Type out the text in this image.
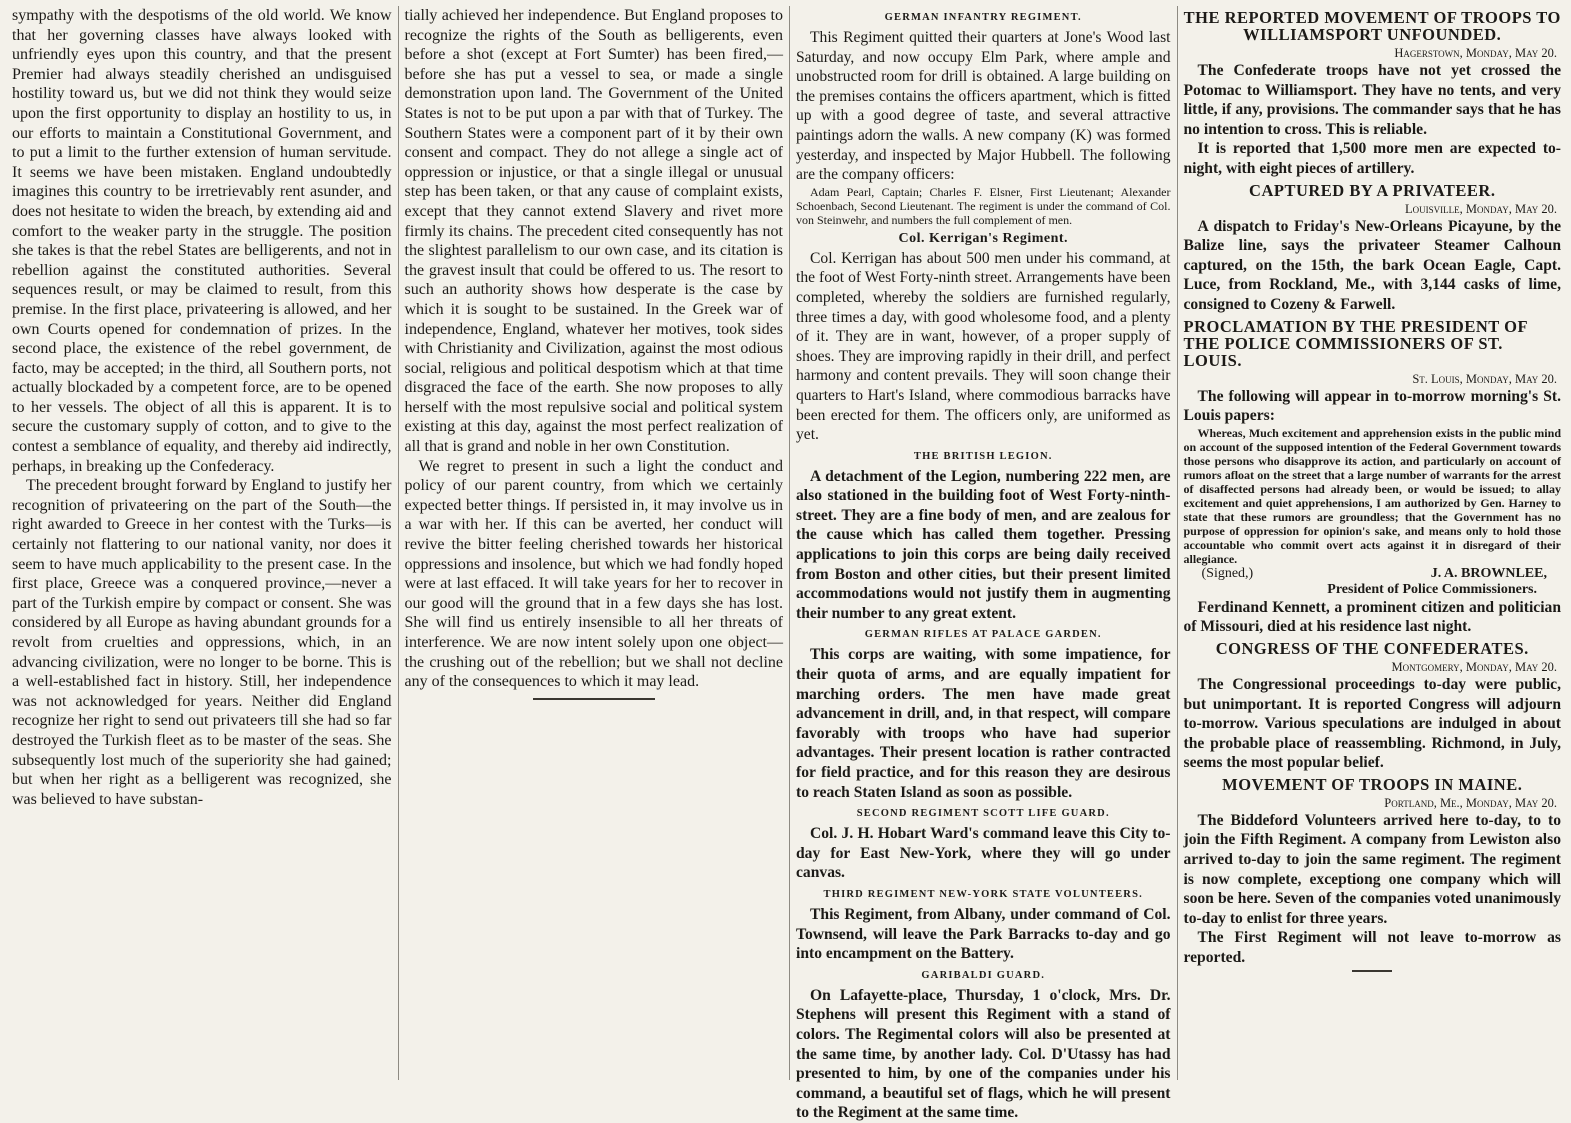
sympathy with the despotisms of the old world. We know that her governing classes have always looked with unfriendly eyes upon this country, and that the present Premier had always steadily cherished an undisguised hostility toward us, but we did not think they would seize upon the first opportunity to display an hostility to us, in our efforts to maintain a Constitutional Government, and to put a limit to the further extension of human servitude. It seems we have been mistaken. England undoubtedly imagines this country to be irretrievably rent asunder, and does not hesitate to widen the breach, by extending aid and comfort to the weaker party in the struggle. The position she takes is that the rebel States are belligerents, and not in rebellion against the constituted authorities. Several sequences result, or may be claimed to result, from this premise. In the first place, privateering is allowed, and her own Courts opened for condemnation of prizes. In the second place, the existence of the rebel government, de facto, may be accepted; in the third, all Southern ports, not actually blockaded by a competent force, are to be opened to her vessels. The object of all this is apparent. It is to secure the customary supply of cotton, and to give to the contest a semblance of equality, and thereby aid indirectly, perhaps, in breaking up the Confederacy.

The precedent brought forward by England to justify her recognition of privateering on the part of the South—the right awarded to Greece in her contest with the Turks—is certainly not flattering to our national vanity, nor does it seem to have much applicability to the present case. In the first place, Greece was a conquered province,—never a part of the Turkish empire by compact or consent. She was considered by all Europe as having abundant grounds for a revolt from cruelties and oppressions, which, in an advancing civilization, were no longer to be borne. This is a well-established fact in history. Still, her independence was not acknowledged for years. Neither did England recognize her right to send out privateers till she had so far destroyed the Turkish fleet as to be master of the seas. She subsequently lost much of the superiority she had gained; but when her right as a belligerent was recognized, she was believed to have substan-

tially achieved her independence. But England proposes to recognize the rights of the South as belligerents, even before a shot (except at Fort Sumter) has been fired,—before she has put a vessel to sea, or made a single demonstration upon land. The Government of the United States is not to be put upon a par with that of Turkey. The Southern States were a component part of it by their own consent and compact. They do not allege a single act of oppression or injustice, or that a single illegal or unusual step has been taken, or that any cause of complaint exists, except that they cannot extend Slavery and rivet more firmly its chains. The precedent cited consequently has not the slightest parallelism to our own case, and its citation is the gravest insult that could be offered to us. The resort to such an authority shows how desperate is the case by which it is sought to be sustained. In the Greek war of independence, England, whatever her motives, took sides with Christianity and Civilization, against the most odious social, religious and political despotism which at that time disgraced the face of the earth. She now proposes to ally herself with the most repulsive social and political system existing at this day, against the most perfect realization of all that is grand and noble in her own Constitution.

We regret to present in such a light the conduct and policy of our parent country, from which we certainly expected better things. If persisted in, it may involve us in a war with her. If this can be averted, her conduct will revive the bitter feeling cherished towards her historical oppressions and insolence, but which we had fondly hoped were at last effaced. It will take years for her to recover in our good will the ground that in a few days she has lost. She will find us entirely insensible to all her threats of interference. We are now intent solely upon one object—the crushing out of the rebellion; but we shall not decline any of the consequences to which it may lead.

GERMAN INFANTRY REGIMENT.

This Regiment quitted their quarters at Jone's Wood last Saturday, and now occupy Elm Park, where ample and unobstructed room for drill is obtained. A large building on the premises contains the officers apartment, which is fitted up with a good degree of taste, and several attractive paintings adorn the walls. A new company (K) was formed yesterday, and inspected by Major Hubbell. The following are the company officers:

Adam Pearl, Captain; Charles F. Elsner, First Lieutenant; Alexander Schoenbach, Second Lieutenant. The regiment is under the command of Col. von Steinwehr, and numbers the full complement of men.

Col. Kerrigan's Regiment.

Col. Kerrigan has about 500 men under his command, at the foot of West Forty-ninth street. Arrangements have been completed, whereby the soldiers are furnished regularly, three times a day, with good wholesome food, and a plenty of it. They are in want, however, of a proper supply of shoes. They are improving rapidly in their drill, and perfect harmony and content prevails. They will soon change their quarters to Hart's Island, where commodious barracks have been erected for them. The officers only, are uniformed as yet.

THE BRITISH LEGION.

A detachment of the Legion, numbering 222 men, are also stationed in the building foot of West Forty-ninth-street. They are a fine body of men, and are zealous for the cause which has called them together. Pressing applications to join this corps are being daily received from Boston and other cities, but their present limited accommodations would not justify them in augmenting their number to any great extent.

GERMAN RIFLES AT PALACE GARDEN.

This corps are waiting, with some impatience, for their quota of arms, and are equally impatient for marching orders. The men have made great advancement in drill, and, in that respect, will compare favorably with troops who have had superior advantages. Their present location is rather contracted for field practice, and for this reason they are desirous to reach Staten Island as soon as possible.

SECOND REGIMENT SCOTT LIFE GUARD.

Col. J. H. Hobart Ward's command leave this City to-day for East New-York, where they will go under canvas.

THIRD REGIMENT NEW-YORK STATE VOLUNTEERS.

This Regiment, from Albany, under command of Col. Townsend, will leave the Park Barracks to-day and go into encampment on the Battery.

GARIBALDI GUARD.

On Lafayette-place, Thursday, 1 o'clock, Mrs. Dr. Stephens will present this Regiment with a stand of colors. The Regimental colors will also be presented at the same time, by another lady. Col. D'Utassy has had presented to him, by one of the companies under his command, a beautiful set of flags, which he will present to the Regiment at the same time.

THE REPORTED MOVEMENT OF TROOPS TO WILLIAMSPORT UNFOUNDED.
Hagerstown, Monday, May 20.

The Confederate troops have not yet crossed the Potomac to Williamsport. They have no tents, and very little, if any, provisions. The commander says that he has no intention to cross. This is reliable.

It is reported that 1,500 more men are expected to-night, with eight pieces of artillery.

CAPTURED BY A PRIVATEER.
Louisville, Monday, May 20.

A dispatch to Friday's New-Orleans Picayune, by the Balize line, says the privateer Steamer Calhoun captured, on the 15th, the bark Ocean Eagle, Capt. Luce, from Rockland, Me., with 3,144 casks of lime, consigned to Cozeny & Farwell.

PROCLAMATION BY THE PRESIDENT OF THE POLICE COMMISSIONERS OF ST. LOUIS.
St. Louis, Monday, May 20.

The following will appear in to-morrow morning's St. Louis papers:

Whereas, Much excitement and apprehension exists in the public mind on account of the supposed intention of the Federal Government towards those persons who disapprove its action, and particularly on account of rumors afloat on the street that a large number of warrants for the arrest of disaffected persons had already been, or would be issued; to allay excitement and quiet apprehensions, I am authorized by Gen. Harney to state that these rumors are groundless; that the Government has no purpose of oppression for opinion's sake, and means only to hold those accountable who commit overt acts against it in disregard of their allegiance.

(Signed,)	J. A. BROWNLEE,
President of Police Commissioners.

Ferdinand Kennett, a prominent citizen and politician of Missouri, died at his residence last night.

CONGRESS OF THE CONFEDERATES.
Montgomery, Monday, May 20.

The Congressional proceedings to-day were public, but unimportant. It is reported Congress will adjourn to-morrow. Various speculations are indulged in about the probable place of reassembling. Richmond, in July, seems the most popular belief.

MOVEMENT OF TROOPS IN MAINE.
Portland, Me., Monday, May 20.

The Biddeford Volunteers arrived here to-day, to to join the Fifth Regiment. A company from Lewiston also arrived to-day to join the same regiment. The regiment is now complete, exceptiong one company which will soon be here. Seven of the companies voted unanimously to-day to enlist for three years.

The First Regiment will not leave to-morrow as reported.
